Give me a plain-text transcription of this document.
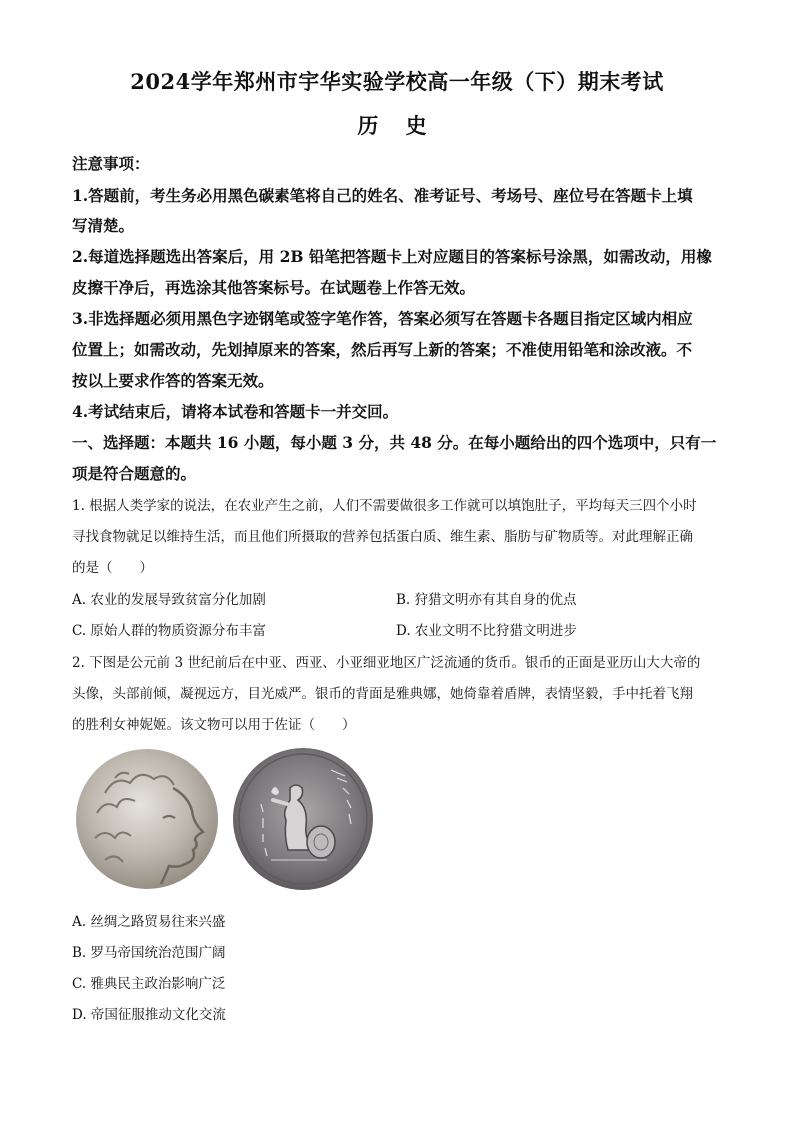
2024学年郑州市宇华实验学校高一年级（下）期末考试
历 史
注意事项：
1.答题前，考生务必用黑色碳素笔将自己的姓名、准考证号、考场号、座位号在答题卡上填
写清楚。
2.每道选择题选出答案后，用 2B 铅笔把答题卡上对应题目的答案标号涂黑，如需改动，用橡
皮擦干净后，再选涂其他答案标号。在试题卷上作答无效。
3.非选择题必须用黑色字迹钢笔或签字笔作答，答案必须写在答题卡各题目指定区域内相应
位置上；如需改动，先划掉原来的答案，然后再写上新的答案；不准使用铅笔和涂改液。不
按以上要求作答的答案无效。
4.考试结束后，请将本试卷和答题卡一并交回。
一、选择题：本题共 16 小题，每小题 3 分，共 48 分。在每小题给出的四个选项中，只有一
项是符合题意的。
1. 根据人类学家的说法，在农业产生之前，人们不需要做很多工作就可以填饱肚子，平均每天三四个小时
寻找食物就足以维持生活，而且他们所摄取的营养包括蛋白质、维生素、脂肪与矿物质等。对此理解正确
的是（　　）
A. 农业的发展导致贫富分化加剧	B. 狩猎文明亦有其自身的优点
C. 原始人群的物质资源分布丰富	D. 农业文明不比狩猎文明进步
2. 下图是公元前 3 世纪前后在中亚、西亚、小亚细亚地区广泛流通的货币。银币的正面是亚历山大大帝的
头像，头部前倾，凝视远方，目光威严。银币的背面是雅典娜，她倚靠着盾牌，表情坚毅，手中托着飞翔
的胜利女神妮姬。该文物可以用于佐证（　　）
A. 丝绸之路贸易往来兴盛
B. 罗马帝国统治范围广阔
C. 雅典民主政治影响广泛
D. 帝国征服推动文化交流
